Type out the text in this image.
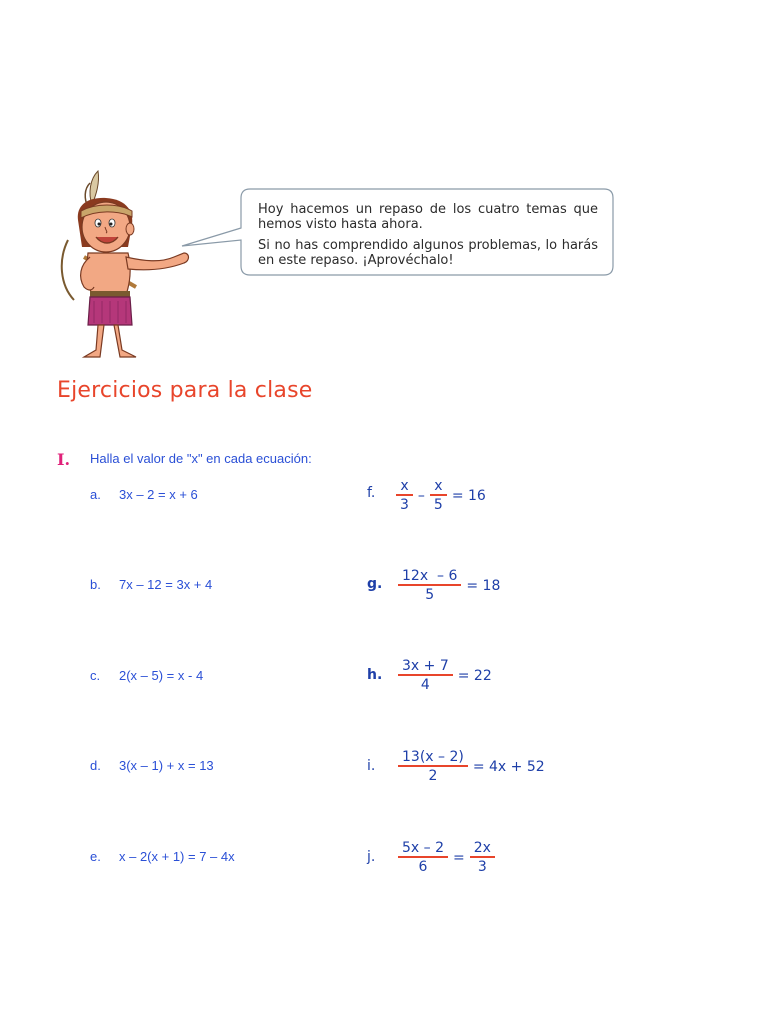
Hoy hacemos un repaso de los cuatro temas que hemos visto hasta ahora.

Si no has comprendido algunos problemas, lo harás en este repaso. ¡Aprovéchalo!

Ejercicios para la clase
I. Halla el valor de "x" en cada ecuación:
a. 3x – 2 = x + 6
b. 7x – 12 = 3x + 4
c. 2(x – 5) = x - 4
d. 3(x – 1) + x = 13
e. x – 2(x + 1) = 7 – 4x
f. $\frac{x}{3} - \frac{x}{5} = 16$
g. $\frac{12x - 6}{5} = 18$
h. $\frac{3x + 7}{4} = 22$
i. $\frac{13(x - 2)}{2} = 4x + 52$
j. $\frac{5x - 2}{6} = \frac{2x}{3}$
